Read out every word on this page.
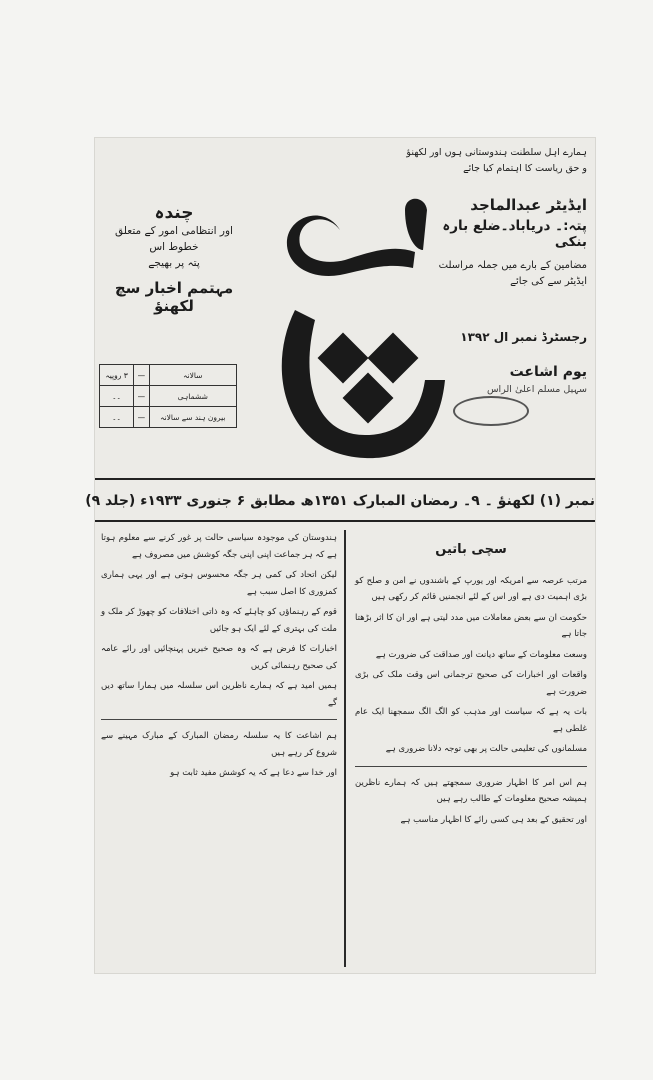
ہمارے اہل سلطنت ہندوستانی ہوں اور لکھنؤ
و حق ریاست کا اہتمام کیا جائے
چندہ
اور انتظامی امور کے متعلق خطوط اس
پتہ پر بھیجے
مہتمم اخبار سچ لکھنؤ
سالانہ	—	۳ روپیہ
ششماہی	—	۔۔
بیرون ہند سے سالانہ	—	۔۔
سچ
ایڈیٹر عبدالماجد
پتہ:۔ دریاباد۔ضلع بارہ بنکی
مضامین کے بارے میں جملہ مراسلت
ایڈیٹر سے کی جائے
رجسٹرڈ نمبر ال ۱۳۹۲
یوم اشاعت
سہیل مسلم اعلیٰ الراس
نمبر (۱) لکھنؤ ۔ ۹۔ رمضان المبارک ۱۳۵۱ھ مطابق ۶ جنوری ۱۹۳۳ء (جلد ۹)
سچی باتیں

مرتب عرصہ سے امریکہ اور یورپ کے باشندوں نے امن و صلح کو بڑی اہمیت دی ہے اور اس کے لئے انجمنیں قائم کر رکھی ہیں

حکومت ان سے بعض معاملات میں مدد لیتی ہے اور ان کا اثر بڑھتا جاتا ہے

وسعت معلومات کے ساتھ دیانت اور صداقت کی ضرورت ہے

واقعات اور اخبارات کی صحیح ترجمانی اس وقت ملک کی بڑی ضرورت ہے

بات یہ ہے کہ سیاست اور مذہب کو الگ الگ سمجھنا ایک عام غلطی ہے

مسلمانوں کی تعلیمی حالت پر بھی توجہ دلانا ضروری ہے

ہم اس امر کا اظہار ضروری سمجھتے ہیں کہ ہمارے ناظرین ہمیشہ صحیح معلومات کے طالب رہے ہیں

اور تحقیق کے بعد ہی کسی رائے کا اظہار مناسب ہے

ہندوستان کی موجودہ سیاسی حالت پر غور کرنے سے معلوم ہوتا ہے کہ ہر جماعت اپنی اپنی جگہ کوشش میں مصروف ہے

لیکن اتحاد کی کمی ہر جگہ محسوس ہوتی ہے اور یہی ہماری کمزوری کا اصل سبب ہے

قوم کے رہنماؤں کو چاہئے کہ وہ ذاتی اختلافات کو چھوڑ کر ملک و ملت کی بہتری کے لئے ایک ہو جائیں

اخبارات کا فرض ہے کہ وہ صحیح خبریں پہنچائیں اور رائے عامہ کی صحیح رہنمائی کریں

ہمیں امید ہے کہ ہمارے ناظرین اس سلسلہ میں ہمارا ساتھ دیں گے

ہم اشاعت کا یہ سلسلہ رمضان المبارک کے مبارک مہینے سے شروع کر رہے ہیں

اور خدا سے دعا ہے کہ یہ کوشش مفید ثابت ہو
